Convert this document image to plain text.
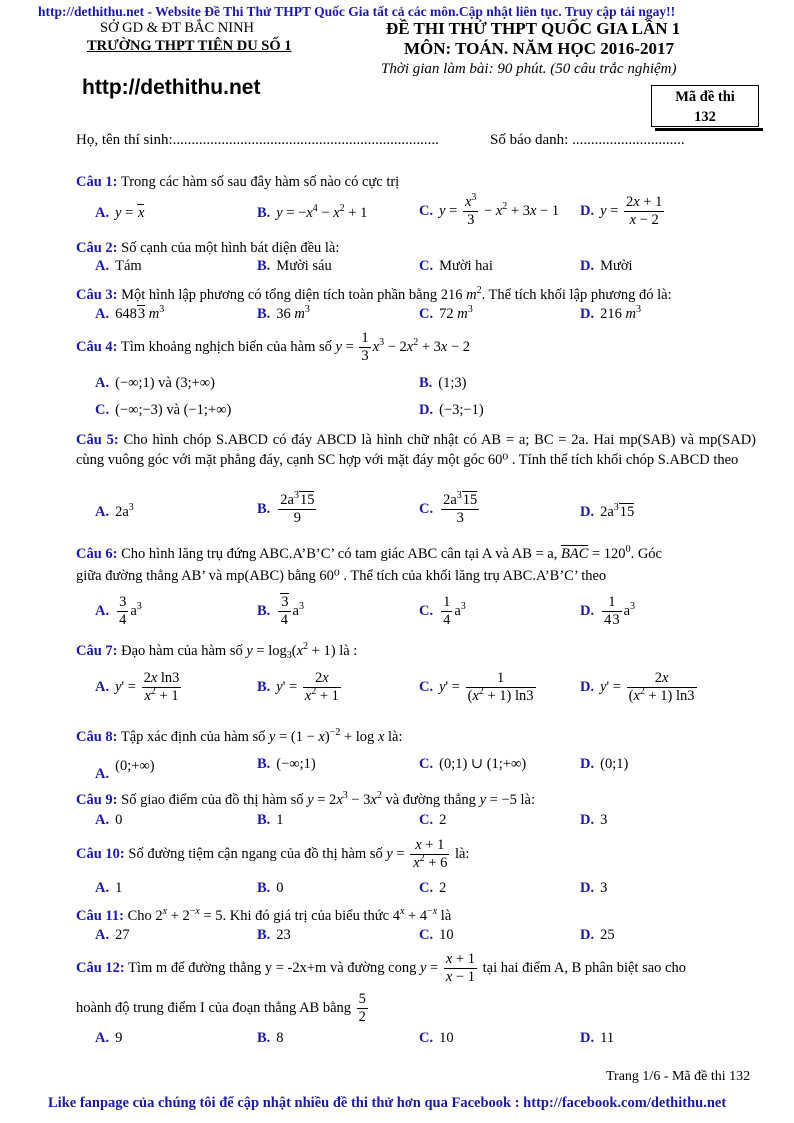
http://dethithu.net - Website Đề Thi Thử THPT Quốc Gia tất cả các môn.Cập nhật liên tục. Truy cập tải ngay!!
SỞ GD & ĐT BẮC NINH
TRƯỜNG THPT TIÊN DU SỐ 1
ĐỀ THI THỬ THPT QUỐC GIA LẦN 1
MÔN: TOÁN. NĂM HỌC 2016-2017
Thời gian làm bài: 90 phút. (50 câu trắc nghiệm)
http://dethithu.net	Mã đề thi
132
Họ, tên thí sinh:.......................................................................	Số báo danh: ..............................
Câu 1: Trong các hàm số sau đây hàm số nào có cực trị
A. y = x	B. $y = -x^4 - x^2 + 1$	C. $y = \frac{x^3}{3} - x^2 + 3x - 1$ D. $y = \frac{2x + 1}{x - 2}$
Câu 2: Số cạnh của một hình bát diện đều là:
A. Tám	B. Mười sáu	C. Mười hai	D. Mười
Câu 3: Một hình lập phương có tổng diện tích toàn phần bằng 216 $m^2$. Thể tích khối lập phương đó là:
A. 6483 $m^3$	B. 36 $m^3$	C. 72 $m^3$	D. 216 $m^3$
Câu 4: Tìm khoảng nghịch biến của hàm số $y = \frac{1}{3} x^3 - 2x^2 + 3x - 2$
A. (−∞;1) và (3;+∞)	B. (1;3)
C. (−∞;−3) và (−1;+∞)	D. (−3;−1)
Câu 5: Cho hình chóp S.ABCD có đáy ABCD là hình chữ nhật có AB = a; BC = 2a. Hai mp(SAB) và mp(SAD) cùng vuông góc với mặt phẳng đáy, cạnh SC hợp với mặt đáy một góc 60⁰ . Tính thể tích khối chóp S.ABCD theo
A. $2a^3$	B. $\frac{2a^315}{9}$	C. $\frac{2a^315}{3}$	D. $2a^315$
Câu 6: Cho hình lăng trụ đứng ABC.A’B’C’ có tam giác ABC cân tại A và AB = a, BAC = $120^0$. Góc
giữa đường thẳng AB’ và mp(ABC) bằng 60⁰ . Thể tích của khối lăng trụ ABC.A’B’C’ theo
A. $\frac{3}{4} a^3$	B. $\frac{3}{4} a^3$	C. $\frac{1}{4} a^3$	D. $\frac{1}{43} a^3$
Câu 7: Đạo hàm của hàm số $y = \log_3(x^2 + 1)$ là :
A. $y' = \frac{\text{2x ln3}}{x^2 + 1}$	B. $y' = \frac{2x}{x^2 + 1}$	C. $y' = \frac{1}{(x^2 + 1) \ln 3}$	D. $y' = \frac{2x}{(x^2 + 1) \ln 3}$
Câu 8: Tập xác định của hàm số $y = (1 - x)^{-2} + \log x$ là:
A. (0;+∞)	B. (−∞;1)	C. (0;1) ∪ (1;+∞)	D. (0;1)
Câu 9: Số giao điểm của đồ thị hàm số $y = 2x^3 - 3x^2$ và đường thẳng y = −5 là:
A. 0	B. 1	C. 2	D. 3
Câu 10: Số đường tiệm cận ngang của đồ thị hàm số $y = \frac{x + 1}{x^2 + 6}$ là:
A. 1	B. 0	C. 2	D. 3
Câu 11: Cho $2^x + 2^{-x} = 5$. Khi đó giá trị của biểu thức $4^x + 4^{-x}$ là
A. 27	B. 23	C. 10	D. 25
Câu 12: Tìm m để đường thẳng y = -2x+m và đường cong $y = \frac{x + 1}{x - 1}$ tại hai điểm A, B phân biệt sao cho
hoành độ trung điểm I của đoạn thẳng AB bằng $\frac{5}{2}$
A. 9	B. 8	C. 10	D. 11
Trang 1/6 - Mã đề thi 132
Like fanpage của chúng tôi để cập nhật nhiều đề thi thử hơn qua Facebook : http://facebook.com/dethithu.net
